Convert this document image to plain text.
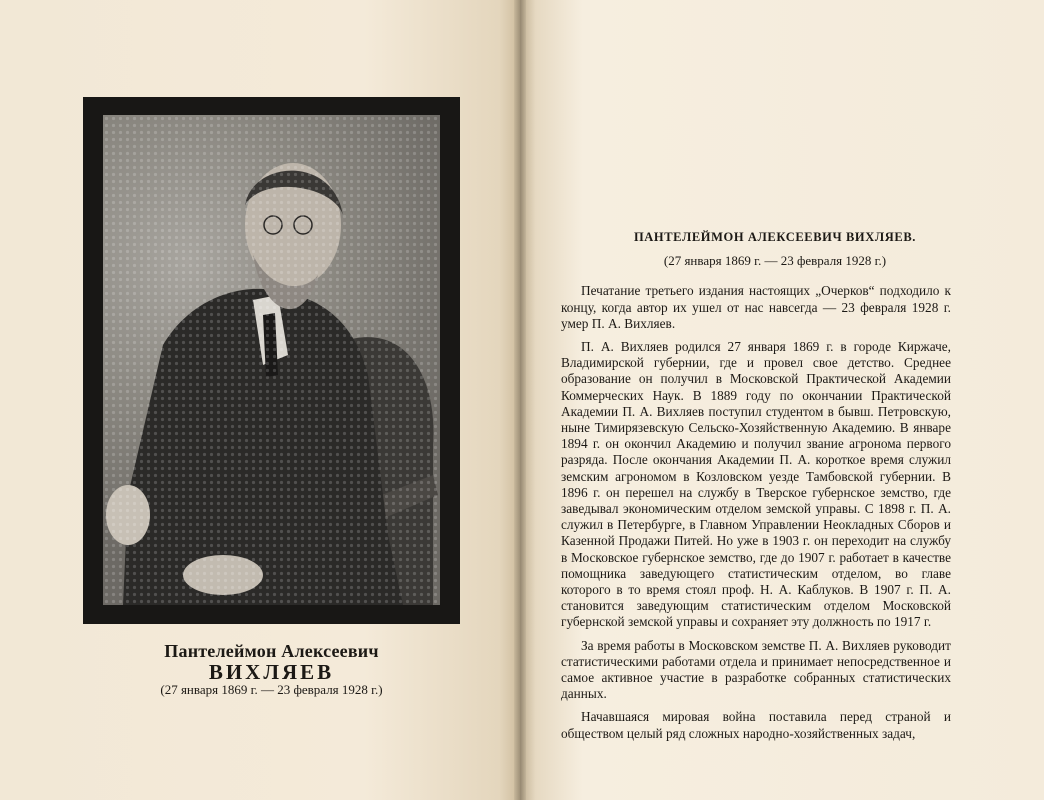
Пантелеймон Алексеевич
ВИХЛЯЕВ
(27 января 1869 г. — 23 февраля 1928 г.)
ПАНТЕЛЕЙМОН АЛЕКСЕЕВИЧ ВИХЛЯЕВ.
(27 января 1869 г. — 23 февраля 1928 г.)

Печатание третьего издания настоящих „Очерков“ подходило к концу, когда автор их ушел от нас навсегда — 23 февраля 1928 г. умер П. А. Вихляев.

П. А. Вихляев родился 27 января 1869 г. в городе Киржаче, Владимирской губернии, где и провел свое детство. Среднее образование он получил в Московской Практической Академии Коммерческих Наук. В 1889 году по окончании Практической Академии П. А. Вихляев поступил студентом в бывш. Петровскую, ныне Тимирязевскую Сельско-Хозяйственную Академию. В январе 1894 г. он окончил Академию и получил звание агронома первого разряда. После окончания Академии П. А. короткое время служил земским агрономом в Козловском уезде Тамбовской губернии. В 1896 г. он перешел на службу в Тверское губернское земство, где заведывал экономическим отделом земской управы. С 1898 г. П. А. служил в Петербурге, в Главном Управлении Неокладных Сборов и Казенной Продажи Питей. Но уже в 1903 г. он переходит на службу в Московское губернское земство, где до 1907 г. работает в качестве помощника заведующего статистическим отделом, во главе которого в то время стоял проф. Н. А. Каблуков. В 1907 г. П. А. становится заведующим статистическим отделом Московской губернской земской управы и сохраняет эту должность по 1917 г.

За время работы в Московском земстве П. А. Вихляев руководит статистическими работами отдела и принимает непосредственное и самое активное участие в разработке собранных статистических данных.

Начавшаяся мировая война поставила перед страной и обществом целый ряд сложных народно-хозяйственных задач,
